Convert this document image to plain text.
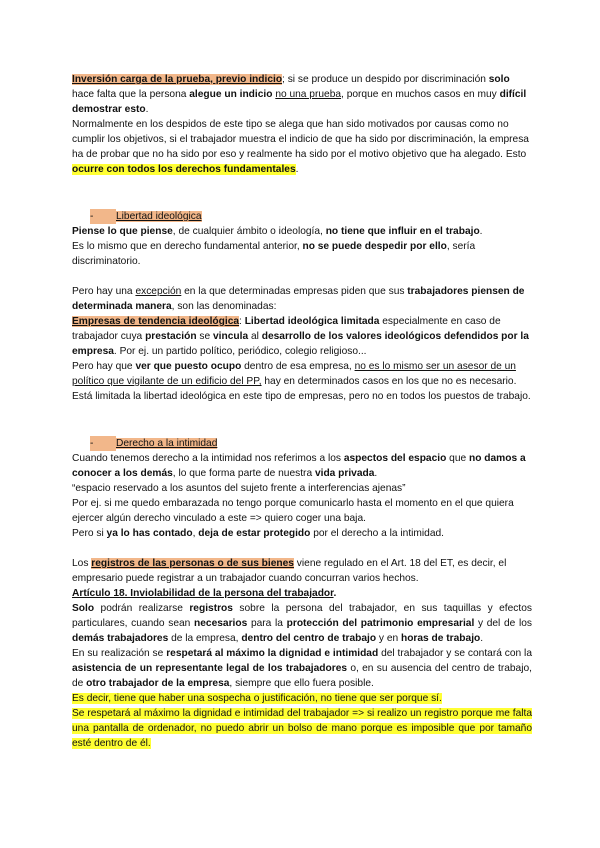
Inversión carga de la prueba, previo indicio; si se produce un despido por discriminación solo hace falta que la persona alegue un indicio no una prueba, porque en muchos casos en muy difícil demostrar esto.

Normalmente en los despidos de este tipo se alega que han sido motivados por causas como no cumplir los objetivos, si el trabajador muestra el indicio de que ha sido por discriminación, la empresa ha de probar que no ha sido por eso y realmente ha sido por el motivo objetivo que ha alegado. Esto ocurre con todos los derechos fundamentales.

- Libertad ideológica

Piense lo que piense, de cualquier ámbito o ideología, no tiene que influir en el trabajo.

Es lo mismo que en derecho fundamental anterior, no se puede despedir por ello, sería discriminatorio.

Pero hay una excepción en la que determinadas empresas piden que sus trabajadores piensen de determinada manera, son las denominadas:

Empresas de tendencia ideológica: Libertad ideológica limitada especialmente en caso de trabajador cuya prestación se vincula al desarrollo de los valores ideológicos defendidos por la empresa. Por ej. un partido político, periódico, colegio religioso...

Pero hay que ver que puesto ocupo dentro de esa empresa, no es lo mismo ser un asesor de un político que vigilante de un edificio del PP, hay en determinados casos en los que no es necesario.

Está limitada la libertad ideológica en este tipo de empresas, pero no en todos los puestos de trabajo.

- Derecho a la intimidad

Cuando tenemos derecho a la intimidad nos referimos a los aspectos del espacio que no damos a conocer a los demás, lo que forma parte de nuestra vida privada.

“espacio reservado a los asuntos del sujeto frente a interferencias ajenas”

Por ej. si me quedo embarazada no tengo porque comunicarlo hasta el momento en el que quiera ejercer algún derecho vinculado a este => quiero coger una baja.

Pero si ya lo has contado, deja de estar protegido por el derecho a la intimidad.

Los registros de las personas o de sus bienes viene regulado en el Art. 18 del ET, es decir, el empresario puede registrar a un trabajador cuando concurran varios hechos.

Artículo 18. Inviolabilidad de la persona del trabajador.

Solo podrán realizarse registros sobre la persona del trabajador, en sus taquillas y efectos particulares, cuando sean necesarios para la protección del patrimonio empresarial y del de los demás trabajadores de la empresa, dentro del centro de trabajo y en horas de trabajo.

En su realización se respetará al máximo la dignidad e intimidad del trabajador y se contará con la asistencia de un representante legal de los trabajadores o, en su ausencia del centro de trabajo, de otro trabajador de la empresa, siempre que ello fuera posible.

Es decir, tiene que haber una sospecha o justificación, no tiene que ser porque sí.

Se respetará al máximo la dignidad e intimidad del trabajador => si realizo un registro porque me falta una pantalla de ordenador, no puedo abrir un bolso de mano porque es imposible que por tamaño esté dentro de él.
